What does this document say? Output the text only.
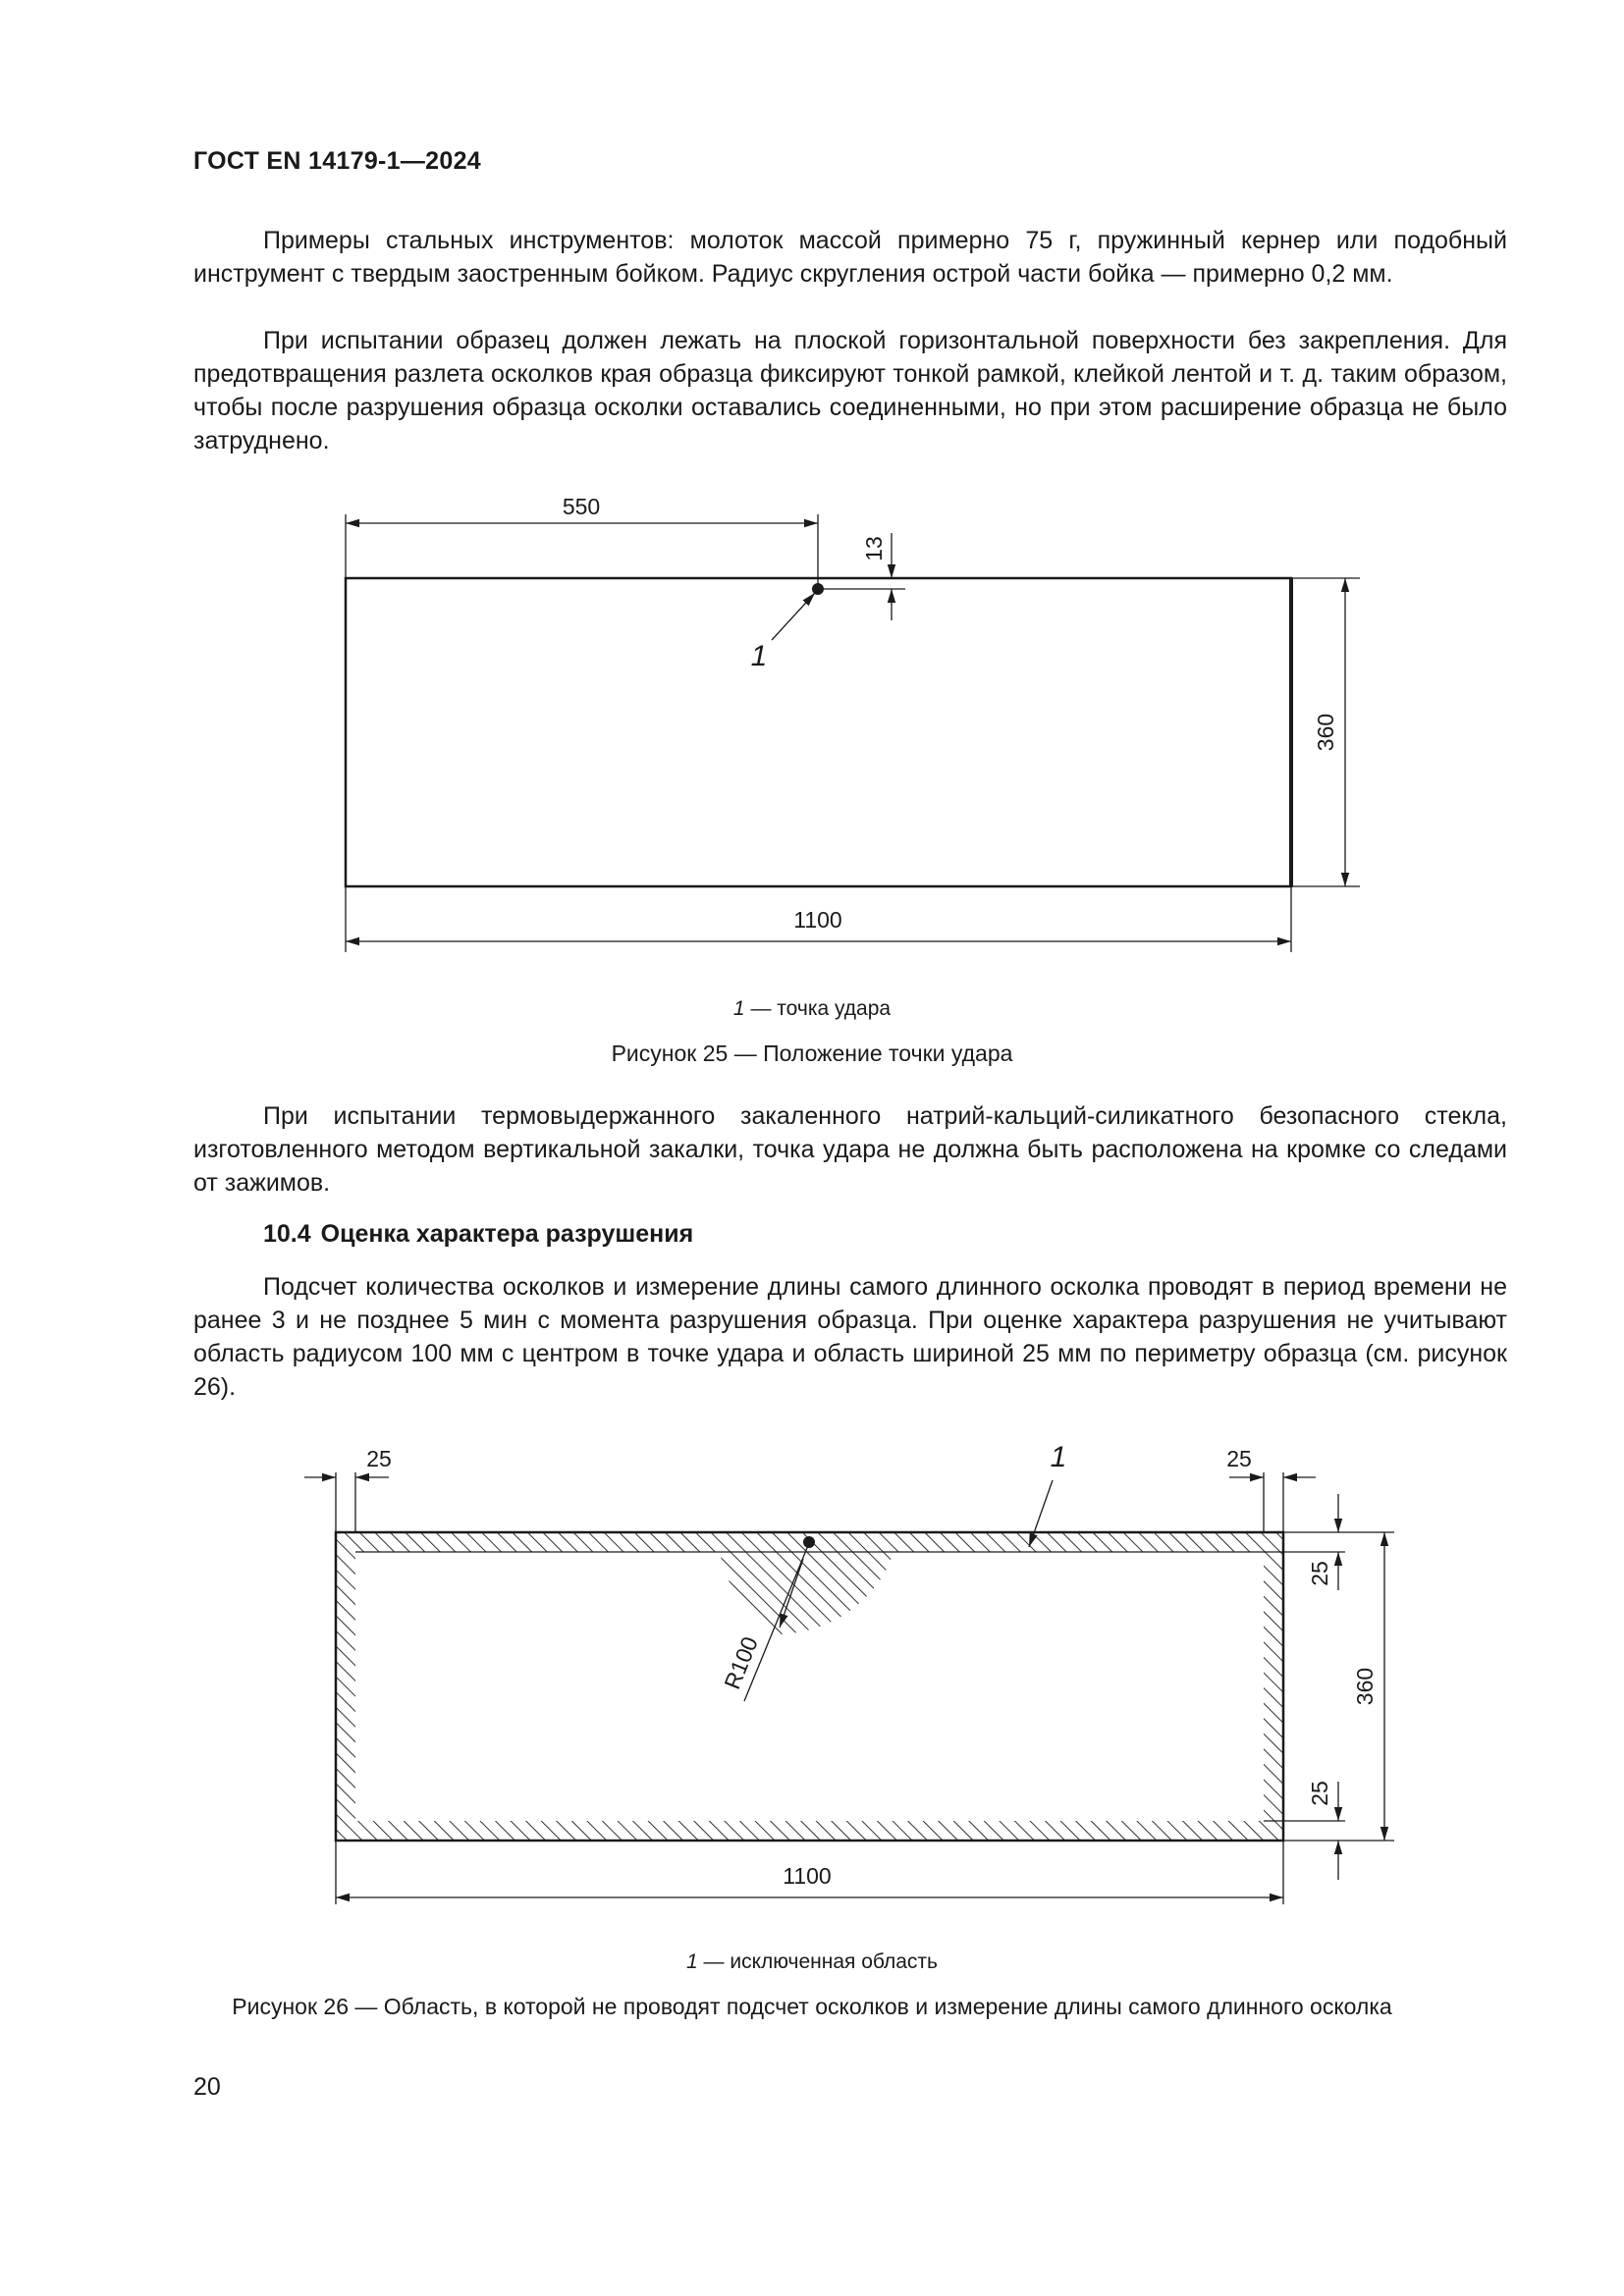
ГОСТ EN 14179-1—2024

Примеры стальных инструментов: молоток массой примерно 75 г, пружинный кернер или подобный инструмент с твердым заостренным бойком. Радиус скругления острой части бойка — примерно 0,2 мм.

При испытании образец должен лежать на плоской горизонтальной поверхности без закрепления. Для предотвращения разлета осколков края образца фиксируют тонкой рамкой, клейкой лентой и т. д. таким образом, чтобы после разрушения образца осколки оставались соединенными, но при этом расширение образца не было затруднено.

550
13
360
1100
1
1 — точка удара
Рисунок 25 — Положение точки удара

При испытании термовыдержанного закаленного натрий-кальций-силикатного безопасного стекла, изготовленного методом вертикальной закалки, точка удара не должна быть расположена на кромке со следами от зажимов.

10.4 Оценка характера разрушения

Подсчет количества осколков и измерение длины самого длинного осколка проводят в период времени не ранее 3 и не позднее 5 мин с момента разрушения образца. При оценке характера разрушения не учитывают область радиусом 100 мм с центром в точке удара и область шириной 25 мм по периметру образца (см. рисунок 26).

25	25
25
25
360
1100
R100
1
1 — исключенная область
Рисунок 26 — Область, в которой не проводят подсчет осколков и измерение длины самого длинного осколка
20
